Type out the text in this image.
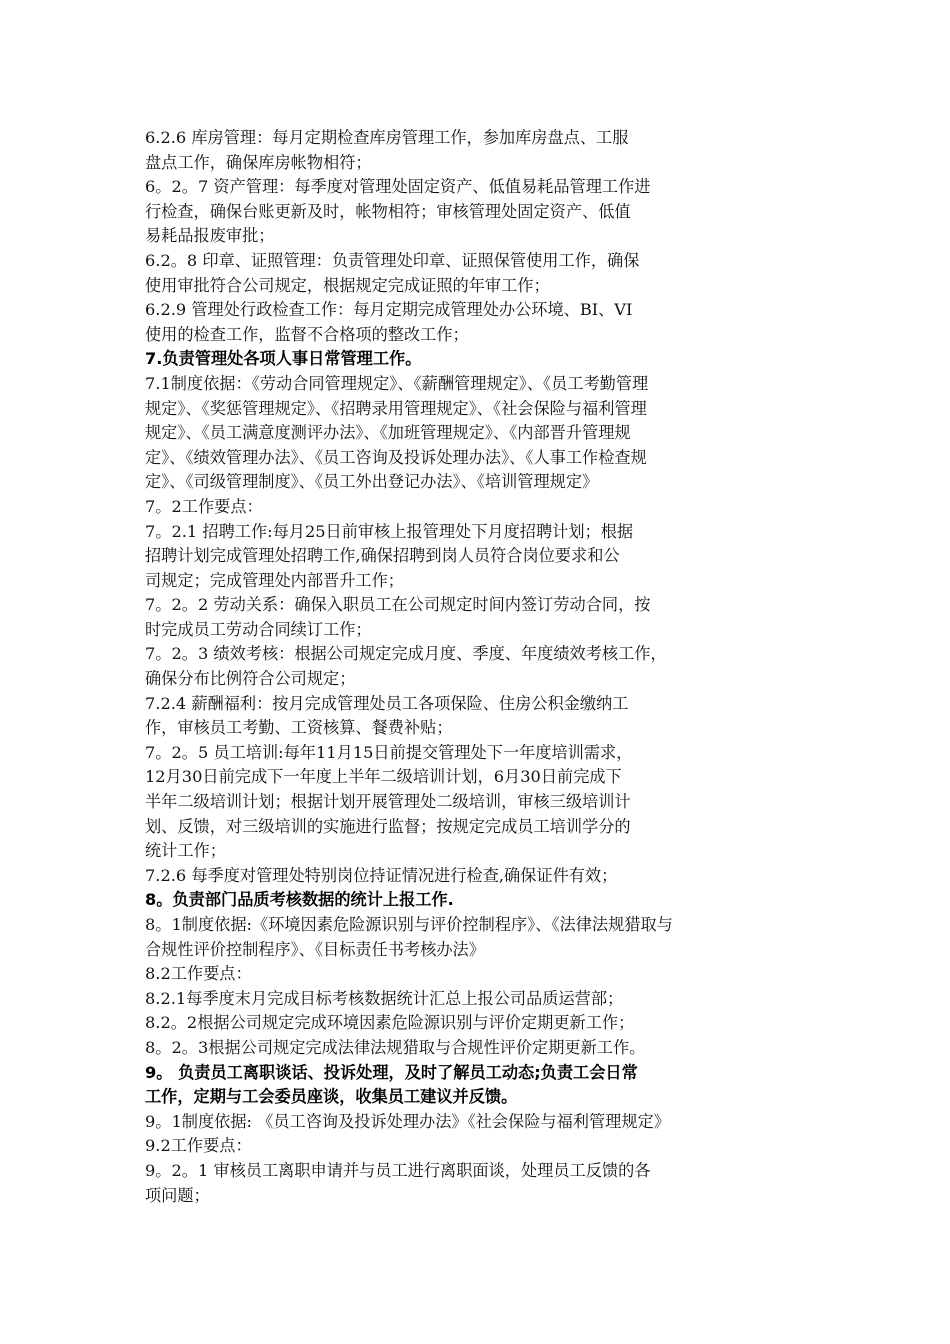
6.2.6 库房管理：每月定期检查库房管理工作，参加库房盘点、工服
盘点工作，确保库房帐物相符；
6。2。7 资产管理：每季度对管理处固定资产、低值易耗品管理工作进
行检查，确保台账更新及时，帐物相符；审核管理处固定资产、低值
易耗品报废审批；
6.2。8 印章、证照管理：负责管理处印章、证照保管使用工作，确保
使用审批符合公司规定，根据规定完成证照的年审工作；
6.2.9 管理处行政检查工作：每月定期完成管理处办公环境、BI、VI
使用的检查工作，监督不合格项的整改工作；
7.负责管理处各项人事日常管理工作。
7.1制度依据：《劳动合同管理规定》、《薪酬管理规定》、《员工考勤管理
规定》、《奖惩管理规定》、《招聘录用管理规定》、《社会保险与福利管理
规定》、《员工满意度测评办法》、《加班管理规定》、《内部晋升管理规
定》、《绩效管理办法》、《员工咨询及投诉处理办法》、《人事工作检查规
定》、《司级管理制度》、《员工外出登记办法》、《培训管理规定》
7。2工作要点：
7。2.1 招聘工作:每月25日前审核上报管理处下月度招聘计划；根据
招聘计划完成管理处招聘工作,确保招聘到岗人员符合岗位要求和公
司规定；完成管理处内部晋升工作；
7。2。2 劳动关系：确保入职员工在公司规定时间内签订劳动合同，按
时完成员工劳动合同续订工作；
7。2。3 绩效考核：根据公司规定完成月度、季度、年度绩效考核工作，
确保分布比例符合公司规定；
7.2.4 薪酬福利：按月完成管理处员工各项保险、住房公积金缴纳工
作，审核员工考勤、工资核算、餐费补贴；
7。2。5 员工培训:每年11月15日前提交管理处下一年度培训需求，
12月30日前完成下一年度上半年二级培训计划，6月30日前完成下
半年二级培训计划；根据计划开展管理处二级培训，审核三级培训计
划、反馈，对三级培训的实施进行监督；按规定完成员工培训学分的
统计工作；
7.2.6 每季度对管理处特别岗位持证情况进行检查,确保证件有效；
8。负责部门品质考核数据的统计上报工作.
8。1制度依据:《环境因素危险源识别与评价控制程序》、《法律法规猎取与
合规性评价控制程序》、《目标责任书考核办法》
8.2工作要点：
8.2.1每季度末月完成目标考核数据统计汇总上报公司品质运营部；
8.2。2根据公司规定完成环境因素危险源识别与评价定期更新工作；
8。2。3根据公司规定完成法律法规猎取与合规性评价定期更新工作。
9。 负责员工离职谈话、投诉处理，及时了解员工动态;负责工会日常
工作，定期与工会委员座谈，收集员工建议并反馈。
9。1制度依据: 《员工咨询及投诉处理办法》《社会保险与福利管理规定》
9.2工作要点：
9。2。1 审核员工离职申请并与员工进行离职面谈，处理员工反馈的各
项问题；
